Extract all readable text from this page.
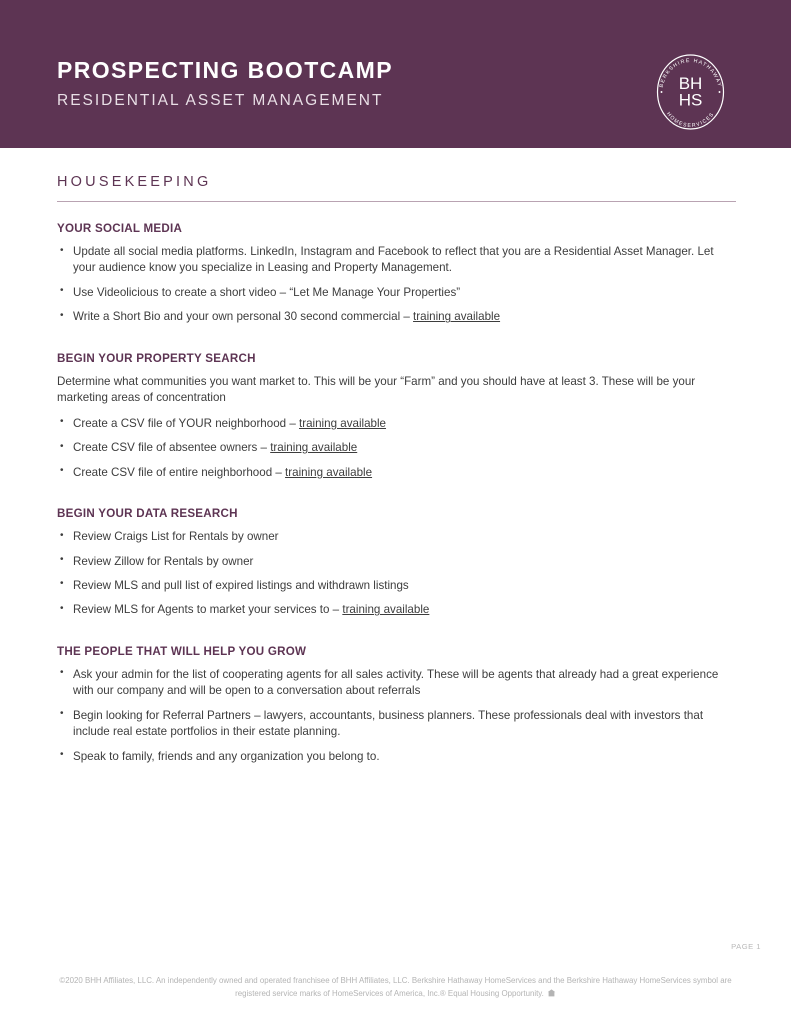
PROSPECTING BOOTCAMP
RESIDENTIAL ASSET MANAGEMENT
BERKSHIRE HATHAWAY
HOMESERVICES
BH
HS
HOUSEKEEPING
YOUR SOCIAL MEDIA
• Update all social media platforms. LinkedIn, Instagram and Facebook to reflect that you are a Residential Asset Manager. Let your audience know you specialize in Leasing and Property Management.
• Use Videolicious to create a short video – “Let Me Manage Your Properties”
• Write a Short Bio and your own personal 30 second commercial – training available
BEGIN YOUR PROPERTY SEARCH

Determine what communities you want market to. This will be your “Farm” and you should have at least 3. These will be your marketing areas of concentration

• Create a CSV file of YOUR neighborhood – training available
• Create CSV file of absentee owners – training available
• Create CSV file of entire neighborhood – training available
BEGIN YOUR DATA RESEARCH
• Review Craigs List for Rentals by owner
• Review Zillow for Rentals by owner
• Review MLS and pull list of expired listings and withdrawn listings
• Review MLS for Agents to market your services to – training available
THE PEOPLE THAT WILL HELP YOU GROW
• Ask your admin for the list of cooperating agents for all sales activity. These will be agents that already had a great experience with our company and will be open to a conversation about referrals
• Begin looking for Referral Partners – lawyers, accountants, business planners. These professionals deal with investors that include real estate portfolios in their estate planning.
• Speak to family, friends and any organization you belong to.
PAGE 1
©2020 BHH Affiliates, LLC. An independently owned and operated franchisee of BHH Affiliates, LLC. Berkshire Hathaway HomeServices and the Berkshire Hathaway HomeServices symbol are registered service marks of HomeServices of America, Inc.® Equal Housing Opportunity.
